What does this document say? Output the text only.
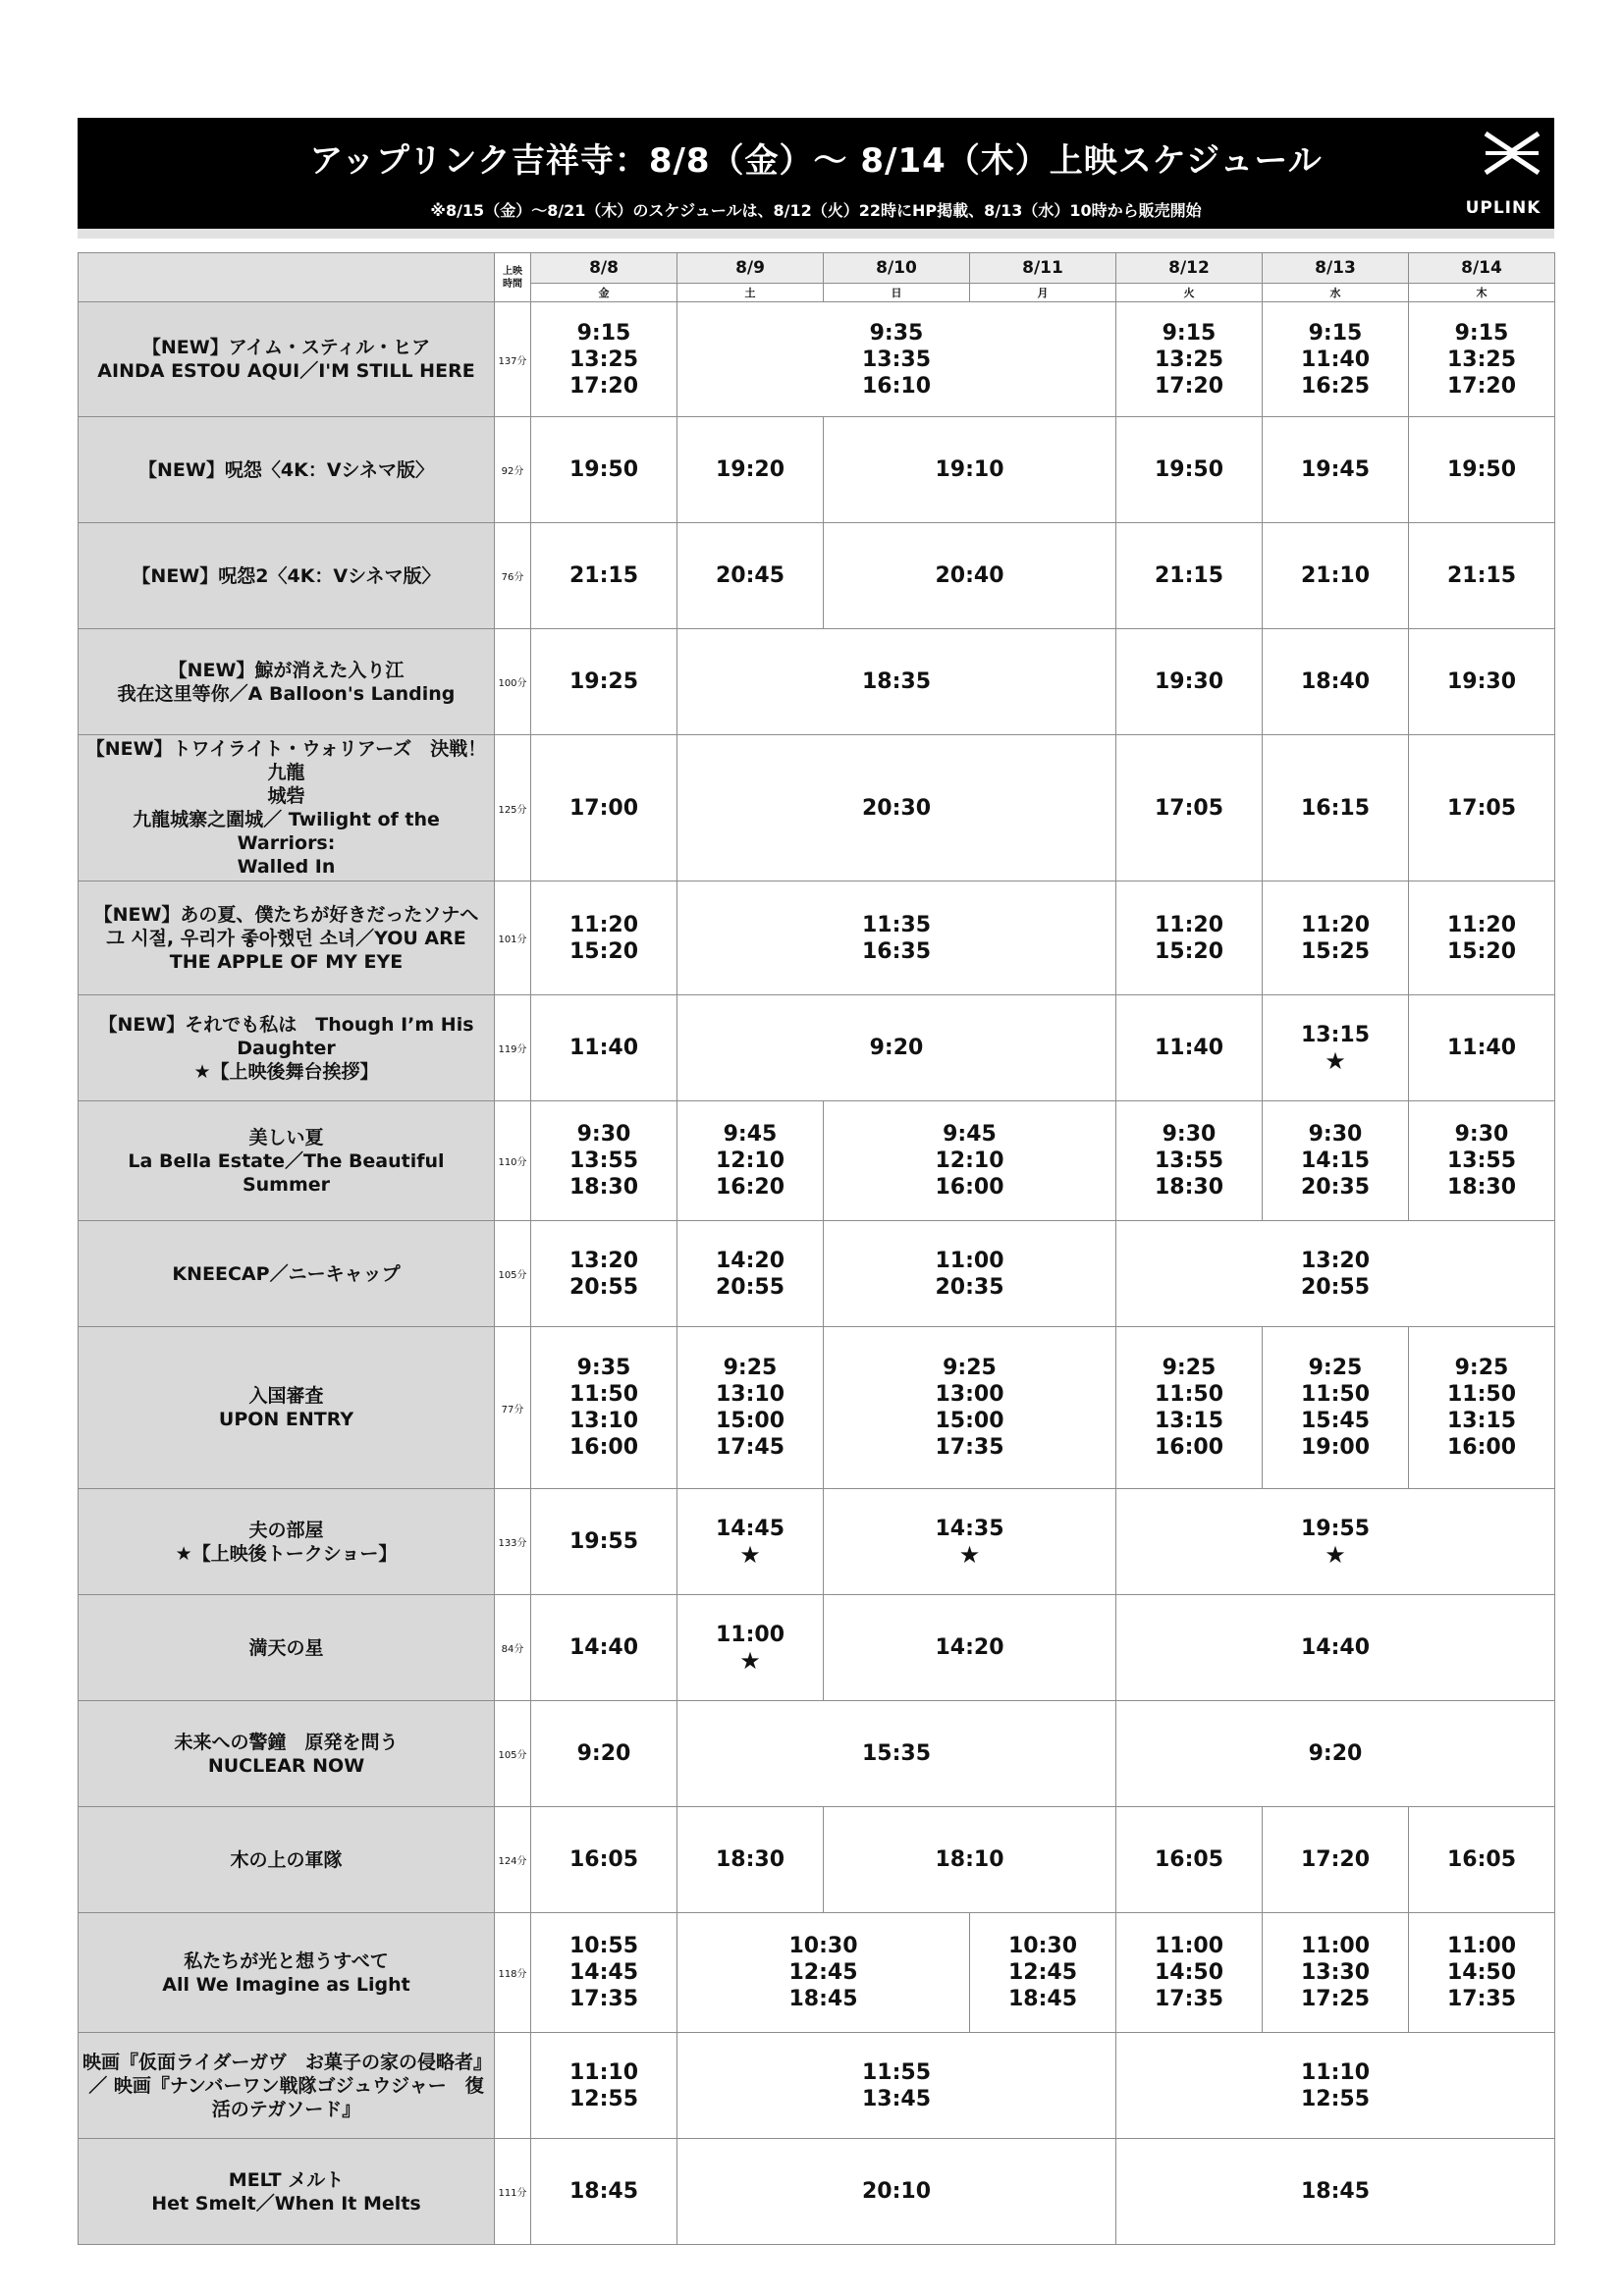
アップリンク吉祥寺：8/8（金）～ 8/14（木）上映スケジュール
※8/15（金）～8/21（木）のスケジュールは、8/12（火）22時にHP掲載、8/13（水）10時から販売開始	UPLINK
	上映
時間	8/8	8/9	8/10	8/11	8/12	8/13	8/14
		金	土	日	月	火	水	木

【NEW】アイム・スティル・ヒア
AINDA ESTOU AQUI／I'M STILL HERE	137分	9:15
13:25
17:20	9:35
13:35
16:10			9:15
13:25
17:20	9:15
11:40
16:25	9:15
13:25
17:20

【NEW】呪怨〈4K：Vシネマ版〉	92分	19:50	19:20	19:10		19:50	19:45	19:50

【NEW】呪怨2〈4K：Vシネマ版〉	76分	21:15	20:45	20:40		21:15	21:10	21:15

【NEW】鯨が消えた入り江
我在这里等你／A Balloon's Landing	100分	19:25	18:35			19:30	18:40	19:30

【NEW】トワイライト・ウォリアーズ　決戦！九龍
城砦
九龍城寨之圍城／ Twilight of the Warriors:
Walled In	125分	17:00	20:30			17:05	16:15	17:05

【NEW】あの夏、僕たちが好きだったソナへ
그 시절, 우리가 좋아했던 소녀／YOU ARE
THE APPLE OF MY EYE	101分	11:20
15:20	11:35
16:35			11:20
15:20	11:20
15:25	11:20
15:20

【NEW】それでも私は　Though I’m His
Daughter
★【上映後舞台挨拶】	119分	11:40	9:20			11:40	13:15
★	11:40

美しい夏
La Bella Estate／The Beautiful Summer	110分	9:30
13:55
18:30	9:45
12:10
16:20	9:45
12:10
16:00		9:30
13:55
18:30	9:30
14:15
20:35	9:30
13:55
18:30

KNEECAP／ニーキャップ	105分	13:20
20:55	14:20
20:55	11:00
20:35		13:20
20:55		

入国審査
UPON ENTRY	77分	9:35
11:50
13:10
16:00	9:25
13:10
15:00
17:45	9:25
13:00
15:00
17:35		9:25
11:50
13:15
16:00	9:25
11:50
15:45
19:00	9:25
11:50
13:15
16:00

夫の部屋
★【上映後トークショー】	133分	19:55	14:45
★	14:35
★		19:55
★		

満天の星	84分	14:40	11:00
★	14:20		14:40		

未来への警鐘　原発を問う
NUCLEAR NOW	105分	9:20	15:35			9:20		

木の上の軍隊	124分	16:05	18:30	18:10		16:05	17:20	16:05

私たちが光と想うすべて
All We Imagine as Light	118分	10:55
14:45
17:35	10:30
12:45
18:45		10:30
12:45
18:45	11:00
14:50
17:35	11:00
13:30
17:25	11:00
14:50
17:35

映画『仮面ライダーガヴ　お菓子の家の侵略者』
／ 映画『ナンバーワン戦隊ゴジュウジャー　復
活のテガソード』		11:10
12:55	11:55
13:45			11:10
12:55		

MELT メルト
Het Smelt／When It Melts	111分	18:45	20:10			18:45		
